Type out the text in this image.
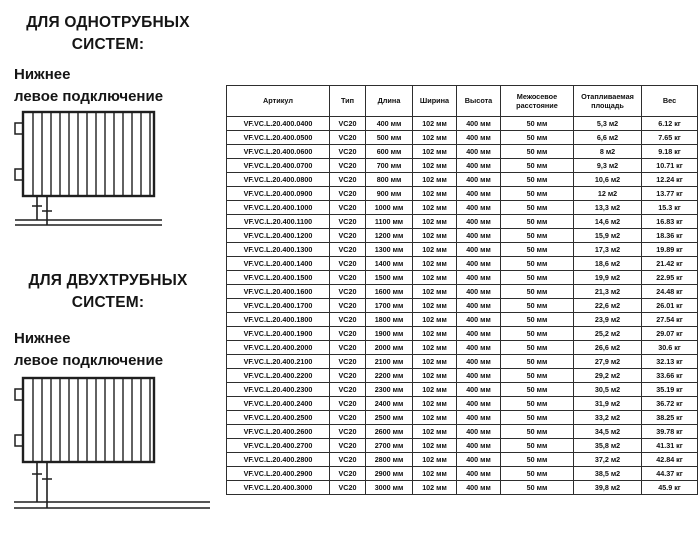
ДЛЯ ОДНОТРУБНЫХ
СИСТЕМ:
Нижнее
левое подключение
ДЛЯ ДВУХТРУБНЫХ
СИСТЕМ:
Нижнее
левое подключение
Артикул	Тип	Длина	Ширина	Высота	Межосевое расстояние	Отапливаемая площадь	Вес
VF.VC.L.20.400.0400	VC20	400 мм	102 мм	400 мм	50 мм	5,3 м2	6.12 кг
VF.VC.L.20.400.0500	VC20	500 мм	102 мм	400 мм	50 мм	6,6 м2	7.65 кг
VF.VC.L.20.400.0600	VC20	600 мм	102 мм	400 мм	50 мм	8 м2	9.18 кг
VF.VC.L.20.400.0700	VC20	700 мм	102 мм	400 мм	50 мм	9,3 м2	10.71 кг
VF.VC.L.20.400.0800	VC20	800 мм	102 мм	400 мм	50 мм	10,6 м2	12.24 кг
VF.VC.L.20.400.0900	VC20	900 мм	102 мм	400 мм	50 мм	12 м2	13.77 кг
VF.VC.L.20.400.1000	VC20	1000 мм	102 мм	400 мм	50 мм	13,3 м2	15.3 кг
VF.VC.L.20.400.1100	VC20	1100 мм	102 мм	400 мм	50 мм	14,6 м2	16.83 кг
VF.VC.L.20.400.1200	VC20	1200 мм	102 мм	400 мм	50 мм	15,9 м2	18.36 кг
VF.VC.L.20.400.1300	VC20	1300 мм	102 мм	400 мм	50 мм	17,3 м2	19.89 кг
VF.VC.L.20.400.1400	VC20	1400 мм	102 мм	400 мм	50 мм	18,6 м2	21.42 кг
VF.VC.L.20.400.1500	VC20	1500 мм	102 мм	400 мм	50 мм	19,9 м2	22.95 кг
VF.VC.L.20.400.1600	VC20	1600 мм	102 мм	400 мм	50 мм	21,3 м2	24.48 кг
VF.VC.L.20.400.1700	VC20	1700 мм	102 мм	400 мм	50 мм	22,6 м2	26.01 кг
VF.VC.L.20.400.1800	VC20	1800 мм	102 мм	400 мм	50 мм	23,9 м2	27.54 кг
VF.VC.L.20.400.1900	VC20	1900 мм	102 мм	400 мм	50 мм	25,2 м2	29.07 кг
VF.VC.L.20.400.2000	VC20	2000 мм	102 мм	400 мм	50 мм	26,6 м2	30.6 кг
VF.VC.L.20.400.2100	VC20	2100 мм	102 мм	400 мм	50 мм	27,9 м2	32.13 кг
VF.VC.L.20.400.2200	VC20	2200 мм	102 мм	400 мм	50 мм	29,2 м2	33.66 кг
VF.VC.L.20.400.2300	VC20	2300 мм	102 мм	400 мм	50 мм	30,5 м2	35.19 кг
VF.VC.L.20.400.2400	VC20	2400 мм	102 мм	400 мм	50 мм	31,9 м2	36.72 кг
VF.VC.L.20.400.2500	VC20	2500 мм	102 мм	400 мм	50 мм	33,2 м2	38.25 кг
VF.VC.L.20.400.2600	VC20	2600 мм	102 мм	400 мм	50 мм	34,5 м2	39.78 кг
VF.VC.L.20.400.2700	VC20	2700 мм	102 мм	400 мм	50 мм	35,8 м2	41.31 кг
VF.VC.L.20.400.2800	VC20	2800 мм	102 мм	400 мм	50 мм	37,2 м2	42.84 кг
VF.VC.L.20.400.2900	VC20	2900 мм	102 мм	400 мм	50 мм	38,5 м2	44.37 кг
VF.VC.L.20.400.3000	VC20	3000 мм	102 мм	400 мм	50 мм	39,8 м2	45.9 кг
